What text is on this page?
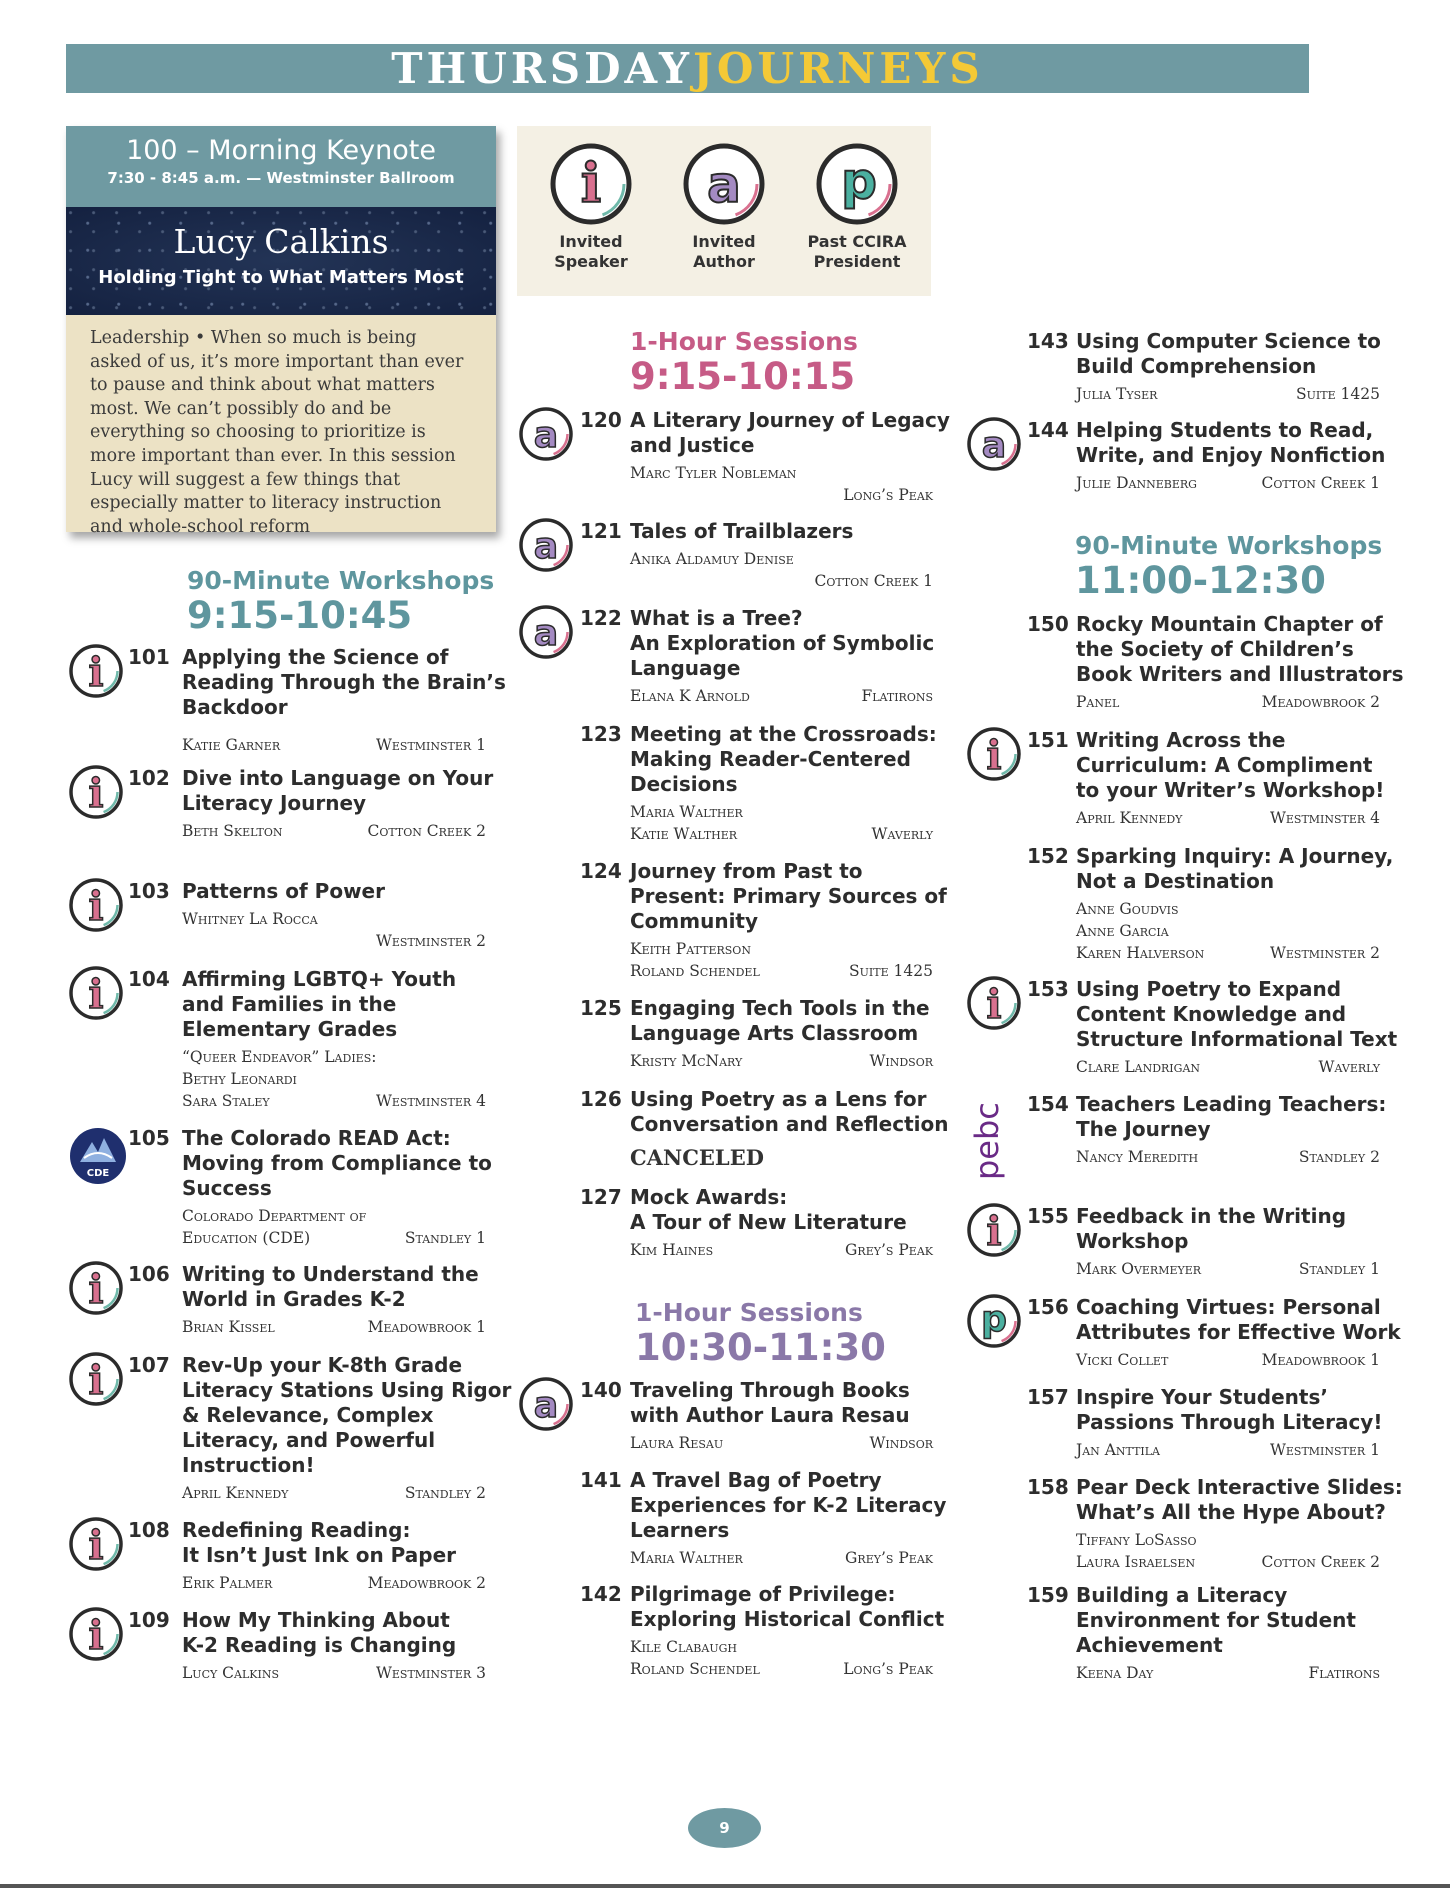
THURSDAYJOURNEYS
100 – Morning Keynote
7:30 - 8:45 a.m. — Westminster Ballroom
Lucy Calkins
Holding Tight to What Matters Most
Leadership • When so much is being asked of us, it’s more important than ever to pause and think about what matters most. We can’t possibly do and be everything so choosing to prioritize is more important than ever. In this session Lucy will suggest a few things that especially matter to literacy instruction and whole-school reform
i
Invited
Speaker
a
Invited
Author
p
Past CCIRA
President
90-Minute Workshops
9:15-10:45
1-Hour Sessions
9:15-10:15
1-Hour Sessions
10:30-11:30
90-Minute Workshops
11:00-12:30
101 Applying the Science of
Reading Through the Brain’s
Backdoor
Katie Garner	Westminster 1
i
102 Dive into Language on Your
Literacy Journey
Beth Skelton	Cotton Creek 2
i
103 Patterns of Power
Whitney La Rocca
Westminster 2
i
104 Affirming LGBTQ+ Youth
and Families in the
Elementary Grades
“Queer Endeavor” Ladies:
Bethy Leonardi
Sara Staley	Westminster 4
i
105 The Colorado READ Act:
Moving from Compliance to
Success
Colorado Department of
Education (CDE)	Standley 1
106 Writing to Understand the
World in Grades K-2
Brian Kissel	Meadowbrook 1
i
107 Rev-Up your K-8th Grade
Literacy Stations Using Rigor
& Relevance, Complex
Literacy, and Powerful
Instruction!
April Kennedy	Standley 2
i
108 Redefining Reading:
It Isn’t Just Ink on Paper
Erik Palmer	Meadowbrook 2
i
109 How My Thinking About
K-2 Reading is Changing
Lucy Calkins	Westminster 3
i
120 A Literary Journey of Legacy
and Justice
Marc Tyler Nobleman
Long’s Peak
a
121 Tales of Trailblazers
Anika Aldamuy Denise
Cotton Creek 1
a
122 What is a Tree?
An Exploration of Symbolic
Language
Elana K Arnold	Flatirons
a
123 Meeting at the Crossroads:
Making Reader-Centered
Decisions
Maria Walther
Katie Walther	Waverly
124 Journey from Past to
Present: Primary Sources of
Community
Keith Patterson
Roland Schendel	Suite 1425
125 Engaging Tech Tools in the
Language Arts Classroom
Kristy McNary	Windsor
126 Using Poetry as a Lens for
Conversation and Reflection
CANCELED
127 Mock Awards:
A Tour of New Literature
Kim Haines	Grey’s Peak
140 Traveling Through Books
with Author Laura Resau
Laura Resau	Windsor
a
141 A Travel Bag of Poetry
Experiences for K-2 Literacy
Learners
Maria Walther	Grey’s Peak
142 Pilgrimage of Privilege:
Exploring Historical Conflict
Kile Clabaugh
Roland Schendel	Long’s Peak
143 Using Computer Science to
Build Comprehension
Julia Tyser	Suite 1425
144 Helping Students to Read,
Write, and Enjoy Nonfiction
Julie Danneberg	Cotton Creek 1
a
150 Rocky Mountain Chapter of
the Society of Children’s
Book Writers and Illustrators
Panel	Meadowbrook 2
151 Writing Across the
Curriculum: A Compliment
to your Writer’s Workshop!
April Kennedy	Westminster 4
i
152 Sparking Inquiry: A Journey,
Not a Destination
Anne Goudvis
Anne Garcia
Karen Halverson	Westminster 2
153 Using Poetry to Expand
Content Knowledge and
Structure Informational Text
Clare Landrigan	Waverly
i
154 Teachers Leading Teachers:
The Journey
Nancy Meredith	Standley 2
155 Feedback in the Writing
Workshop
Mark Overmeyer	Standley 1
i
156 Coaching Virtues: Personal
Attributes for Effective Work
Vicki Collet	Meadowbrook 1
p
157 Inspire Your Students’
Passions Through Literacy!
Jan Anttila	Westminster 1
158 Pear Deck Interactive Slides:
What’s All the Hype About?
Tiffany LoSasso
Laura Israelsen	Cotton Creek 2
159 Building a Literacy
Environment for Student
Achievement
Keena Day	Flatirons
CDE	pebc
9
